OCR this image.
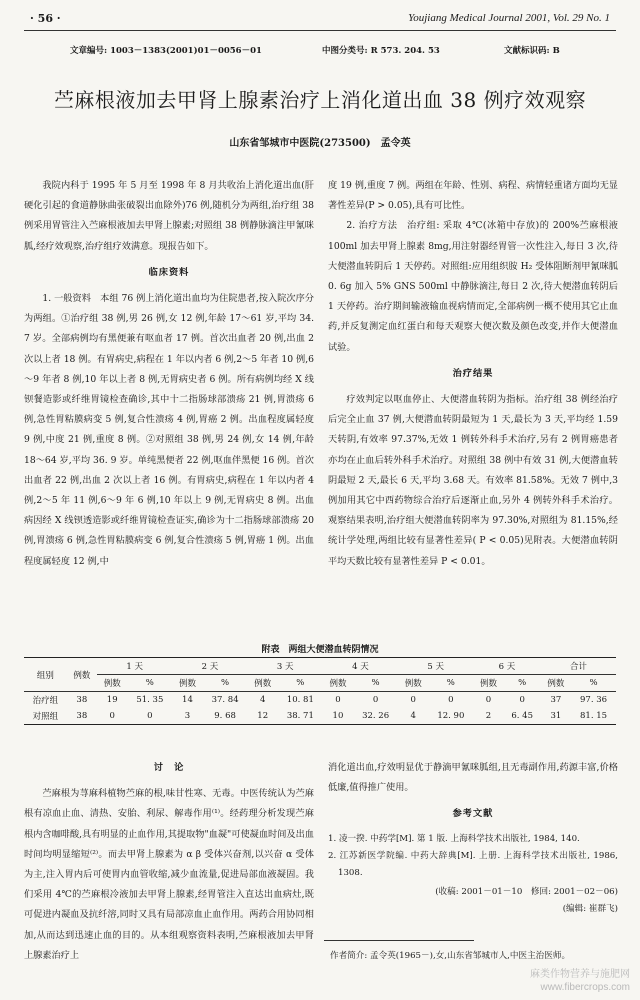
· 56 ·	Youjiang Medical Journal 2001, Vol. 29 No. 1
文章编号: 1003－1383(2001)01－0056－01	中图分类号: R 573. 204. 53	文献标识码: B
苎麻根液加去甲肾上腺素治疗上消化道出血 38 例疗效观察
山东省邹城市中医院(273500)　孟令英

我院内科于 1995 年 5 月至 1998 年 8 月共收治上消化道出血(肝硬化引起的食道静脉曲张破裂出血除外)76 例,随机分为两组,治疗组 38 例采用胃管注入苎麻根液加去甲肾上腺素;对照组 38 例静脉滴注甲氰咪胍,经疗效观察,治疗组疗效满意。现报告如下。

临床资料

1. 一般资料　本组 76 例上消化道出血均为住院患者,按入院次序分为两组。①治疗组 38 例,男 26 例,女 12 例,年龄 17～61 岁,平均 34. 7 岁。全部病例均有黑便兼有呕血者 17 例。首次出血者 20 例,出血 2 次以上者 18 例。有胃病史,病程在 1 年以内者 6 例,2～5 年者 10 例,6～9 年者 8 例,10 年以上者 8 例,无胃病史者 6 例。所有病例均经 X 线钡餐造影或纤维胃镜检查确诊,其中十二指肠球部溃疡 21 例,胃溃疡 6 例,急性胃粘膜病变 5 例,复合性溃疡 4 例,胃癌 2 例。出血程度属轻度 9 例,中度 21 例,重度 8 例。②对照组 38 例,男 24 例,女 14 例,年龄 18～64 岁,平均 36. 9 岁。单纯黑便者 22 例,呕血伴黑便 16 例。首次出血者 22 例,出血 2 次以上者 16 例。有胃病史,病程在 1 年以内者 4 例,2～5 年 11 例,6～9 年 6 例,10 年以上 9 例,无胃病史 8 例。出血病因经 X 线钡透造影或纤维胃镜检查证实,确诊为十二指肠球部溃疡 20 例,胃溃疡 6 例,急性胃粘膜病变 6 例,复合性溃疡 5 例,胃癌 1 例。出血程度属轻度 12 例,中

度 19 例,重度 7 例。两组在年龄、性别、病程、病情轻重诸方面均无显著性差异(P > 0.05),具有可比性。

2. 治疗方法　治疗组: 采取 4℃(冰箱中存放)的 200%苎麻根液 100ml 加去甲肾上腺素 8mg,用注射器经胃管一次性注入,每日 3 次,待大便潜血转阴后 1 天停药。对照组:应用组织胺 H₂ 受体阻断剂甲氰咪胍 0. 6g 加入 5% GNS 500ml 中静脉滴注,每日 2 次,待大便潜血转阴后 1 天停药。治疗期间输液输血视病情而定,全部病例一概不使用其它止血药,并反复测定血红蛋白和每天观察大便次数及颜色改变,并作大便潜血试验。

治疗结果

疗效判定以呕血停止、大便潜血转阴为指标。治疗组 38 例经治疗后完全止血 37 例,大便潜血转阴最短为 1 天,最长为 3 天,平均经 1.59 天转阴,有效率 97.37%,无效 1 例转外科手术治疗,另有 2 例胃癌患者亦均在止血后转外科手术治疗。对照组 38 例中有效 31 例,大便潜血转阴最短 2 天,最长 6 天,平均 3.68 天。有效率 81.58%。无效 7 例中,3 例加用其它中西药物综合治疗后逐渐止血,另外 4 例转外科手术治疗。观察结果表明,治疗组大便潜血转阴率为 97.30%,对照组为 81.15%,经统计学处理,两组比较有显著性差异( P < 0.05)见附表。大便潜血转阴平均天数比较有显著性差异 P < 0.01。

附表　两组大便潜血转阴情况
组别	例数	1 天		2 天		3 天		4 天		5 天		6 天		合计	
		例数	%	例数	%	例数	%	例数	%	例数	%	例数	%	例数	%
治疗组	38	19	51. 35	14	37. 84	4	10. 81	0	0	0	0	0	0	37	97. 36
对照组	38	0	0	3	9. 68	12	38. 71	10	32. 26	4	12. 90	2	6. 45	31	81. 15
讨　论

苎麻根为荨麻科植物苎麻的根,味甘性寒、无毒。中医传统认为苎麻根有凉血止血、清热、安胎、利尿、解毒作用⁽¹⁾。经药理分析发现苎麻根内含咖啡酸,具有明显的止血作用,其提取物"血凝"可使凝血时间及出血时间均明显缩短⁽²⁾。而去甲肾上腺素为 α β 受体兴奋剂,以兴奋 α 受体为主,注入胃内后可使胃内血管收缩,减少血流量,促进局部血液凝固。我们采用 4℃的苎麻根冷液加去甲肾上腺素,经胃管注入直达出血病灶,既可促进内凝血及抗纤溶,同时又具有局部凉血止血作用。两药合用协同相加,从而达到迅速止血的目的。从本组观察资料表明,苎麻根液加去甲肾上腺素治疗上

消化道出血,疗效明显优于静滴甲氰咪胍组,且无毒副作用,药源丰富,价格低廉,值得推广使用。

参考文献
1. 凌一揆. 中药学[M]. 第 1 版. 上海科学技术出版社, 1984, 140.
2. 江苏新医学院编. 中药大辞典[M]. 上册. 上海科学技术出版社, 1986, 1308.
(收稿: 2001－01－10　修回: 2001－02－06)
(编辑: 崔群飞)
作者简介: 孟令英(1965－),女,山东省邹城市人,中医主治医师。
麻类作物营养与施肥网
www.fibercrops.com
